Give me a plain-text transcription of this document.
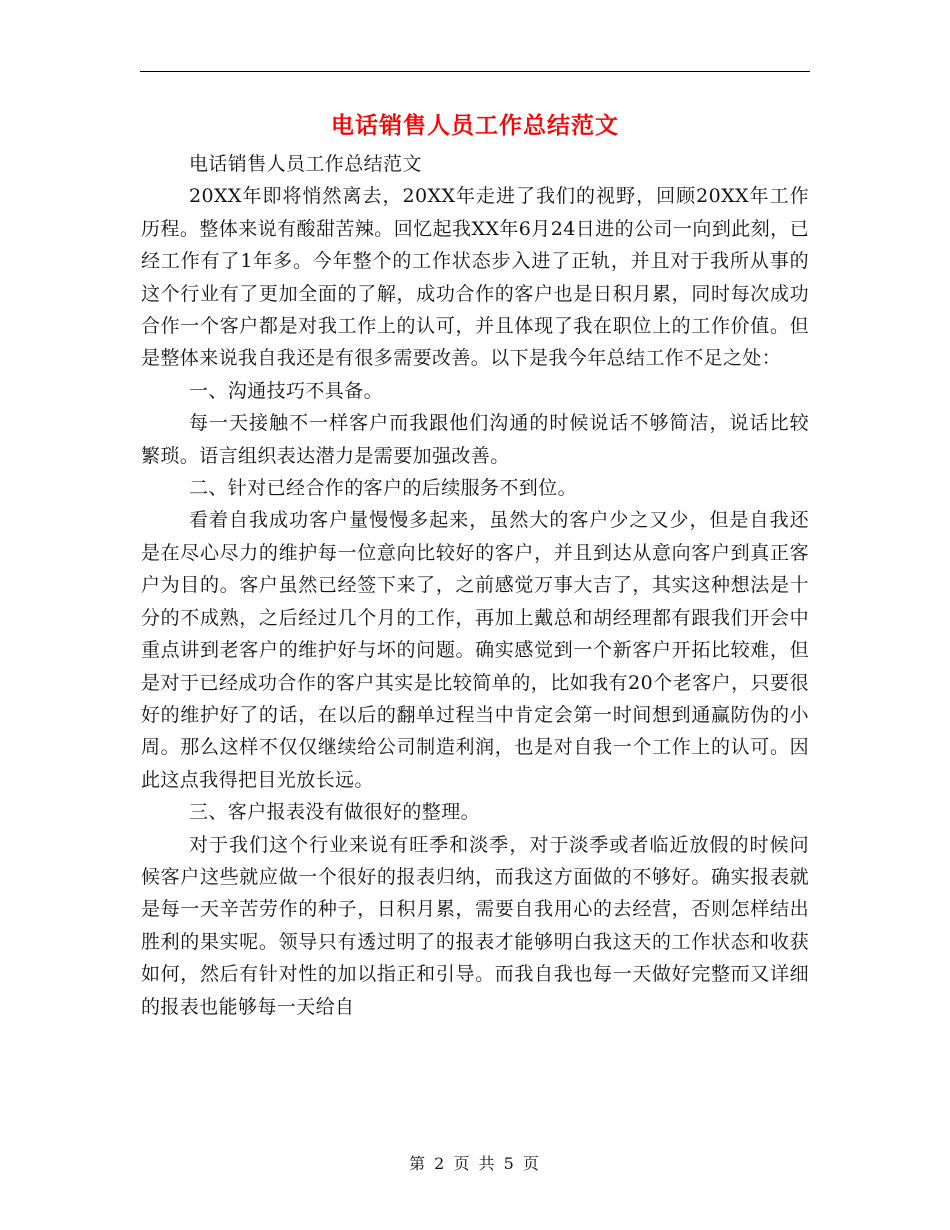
电话销售人员工作总结范文

电话销售人员工作总结范文

20XX年即将悄然离去，20XX年走进了我们的视野，回顾20XX年工作历程。整体来说有酸甜苦辣。回忆起我XX年6月24日进的公司一向到此刻，已经工作有了1年多。今年整个的工作状态步入进了正轨，并且对于我所从事的这个行业有了更加全面的了解，成功合作的客户也是日积月累，同时每次成功合作一个客户都是对我工作上的认可，并且体现了我在职位上的工作价值。但是整体来说我自我还是有很多需要改善。以下是我今年总结工作不足之处：

一、沟通技巧不具备。

每一天接触不一样客户而我跟他们沟通的时候说话不够简洁，说话比较繁琐。语言组织表达潜力是需要加强改善。

二、针对已经合作的客户的后续服务不到位。

看着自我成功客户量慢慢多起来，虽然大的客户少之又少，但是自我还是在尽心尽力的维护每一位意向比较好的客户，并且到达从意向客户到真正客户为目的。客户虽然已经签下来了，之前感觉万事大吉了，其实这种想法是十分的不成熟，之后经过几个月的工作，再加上戴总和胡经理都有跟我们开会中重点讲到老客户的维护好与坏的问题。确实感觉到一个新客户开拓比较难，但是对于已经成功合作的客户其实是比较简单的，比如我有20个老客户，只要很好的维护好了的话，在以后的翻单过程当中肯定会第一时间想到通赢防伪的小周。那么这样不仅仅继续给公司制造利润，也是对自我一个工作上的认可。因此这点我得把目光放长远。

三、客户报表没有做很好的整理。

对于我们这个行业来说有旺季和淡季，对于淡季或者临近放假的时候问候客户这些就应做一个很好的报表归纳，而我这方面做的不够好。确实报表就是每一天辛苦劳作的种子，日积月累，需要自我用心的去经营，否则怎样结出胜利的果实呢。领导只有透过明了的报表才能够明白我这天的工作状态和收获如何，然后有针对性的加以指正和引导。而我自我也每一天做好完整而又详细的报表也能够每一天给自

第 2 页 共 5 页
